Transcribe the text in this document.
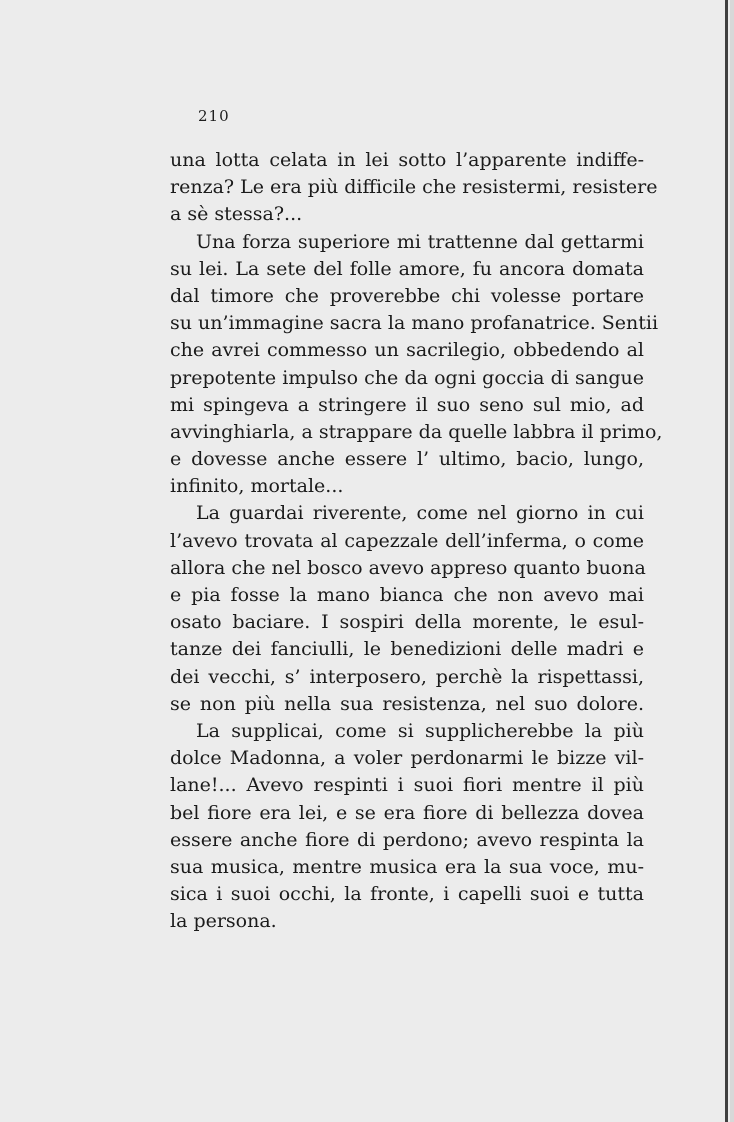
210
una lotta celata in lei sotto l’apparente indiffe-
renza? Le era più difficile che resistermi, resistere
a sè stessa?...
Una forza superiore mi trattenne dal gettarmi
su lei. La sete del folle amore, fu ancora domata
dal timore che proverebbe chi volesse portare
su un’immagine sacra la mano profanatrice. Sentii
che avrei commesso un sacrilegio, obbedendo al
prepotente impulso che da ogni goccia di sangue
mi spingeva a stringere il suo seno sul mio, ad
avvinghiarla, a strappare da quelle labbra il primo,
e dovesse anche essere l’ ultimo, bacio, lungo,
infinito, mortale...
La guardai riverente, come nel giorno in cui
l’avevo trovata al capezzale dell’inferma, o come
allora che nel bosco avevo appreso quanto buona
e pia fosse la mano bianca che non avevo mai
osato baciare. I sospiri della morente, le esul-
tanze dei fanciulli, le benedizioni delle madri e
dei vecchi, s’ interposero, perchè la rispettassi,
se non più nella sua resistenza, nel suo dolore.
La supplicai, come si supplicherebbe la più
dolce Madonna, a voler perdonarmi le bizze vil-
lane!... Avevo respinti i suoi fiori mentre il più
bel fiore era lei, e se era fiore di bellezza dovea
essere anche fiore di perdono; avevo respinta la
sua musica, mentre musica era la sua voce, mu-
sica i suoi occhi, la fronte, i capelli suoi e tutta
la persona.
